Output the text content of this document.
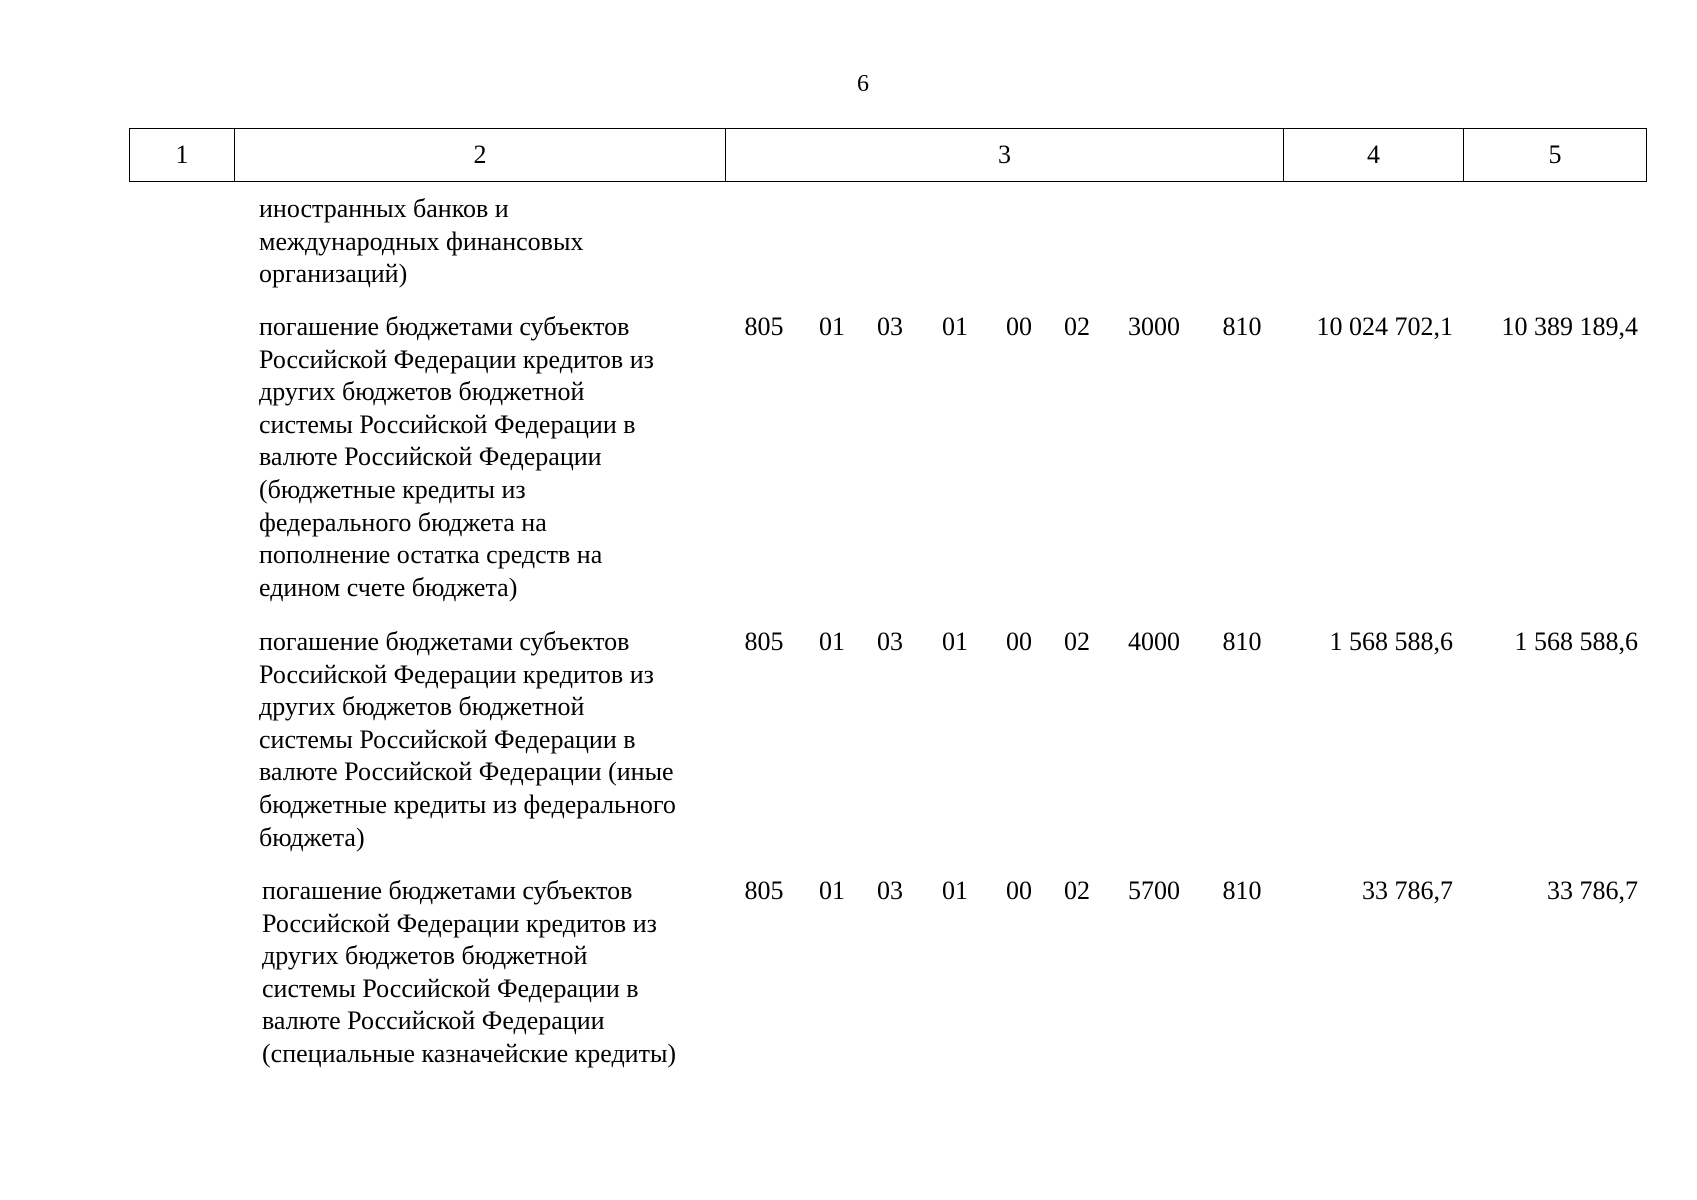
6
1	2	3	4	5
иностранных банков и
международных финансовых
организаций)
погашение бюджетами субъектов
Российской Федерации кредитов из
других бюджетов бюджетной
системы Российской Федерации в
валюте Российской Федерации
(бюджетные кредиты из
федерального бюджета на
пополнение остатка средств на
едином счете бюджета)
805 01 03 01 00 02 3000 810	10 024 702,1	10 389 189,4
погашение бюджетами субъектов
Российской Федерации кредитов из
других бюджетов бюджетной
системы Российской Федерации в
валюте Российской Федерации (иные
бюджетные кредиты из федерального
бюджета)
805 01 03 01 00 02 4000 810	1 568 588,6	1 568 588,6
погашение бюджетами субъектов
Российской Федерации кредитов из
других бюджетов бюджетной
системы Российской Федерации в
валюте Российской Федерации
(специальные казначейские кредиты)
805 01 03 01 00 02 5700 810	33 786,7	33 786,7
